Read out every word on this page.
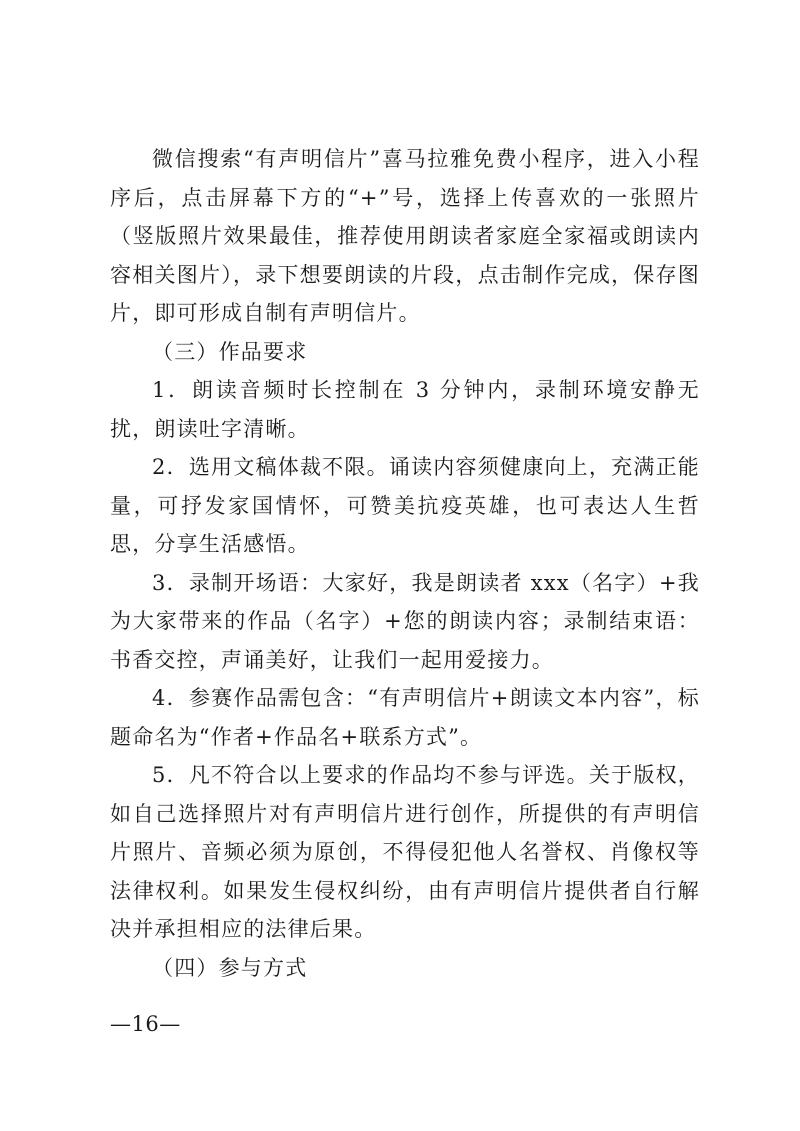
微信搜索“有声明信片”喜马拉雅免费小程序，进入小程序后，点击屏幕下方的“+”号，选择上传喜欢的一张照片（竖版照片效果最佳，推荐使用朗读者家庭全家福或朗读内容相关图片），录下想要朗读的片段，点击制作完成，保存图片，即可形成自制有声明信片。

（三）作品要求

1．朗读音频时长控制在 3 分钟内，录制环境安静无扰，朗读吐字清晰。

2．选用文稿体裁不限。诵读内容须健康向上，充满正能量，可抒发家国情怀，可赞美抗疫英雄，也可表达人生哲思，分享生活感悟。

3．录制开场语：大家好，我是朗读者 xxx（名字）+我为大家带来的作品（名字）+您的朗读内容；录制结束语：书香交控，声诵美好，让我们一起用爱接力。

4．参赛作品需包含：“有声明信片+朗读文本内容”，标题命名为“作者+作品名+联系方式”。

5．凡不符合以上要求的作品均不参与评选。关于版权，如自己选择照片对有声明信片进行创作，所提供的有声明信片照片、音频必须为原创，不得侵犯他人名誉权、肖像权等法律权利。如果发生侵权纠纷，由有声明信片提供者自行解决并承担相应的法律后果。

（四）参与方式

—16—
